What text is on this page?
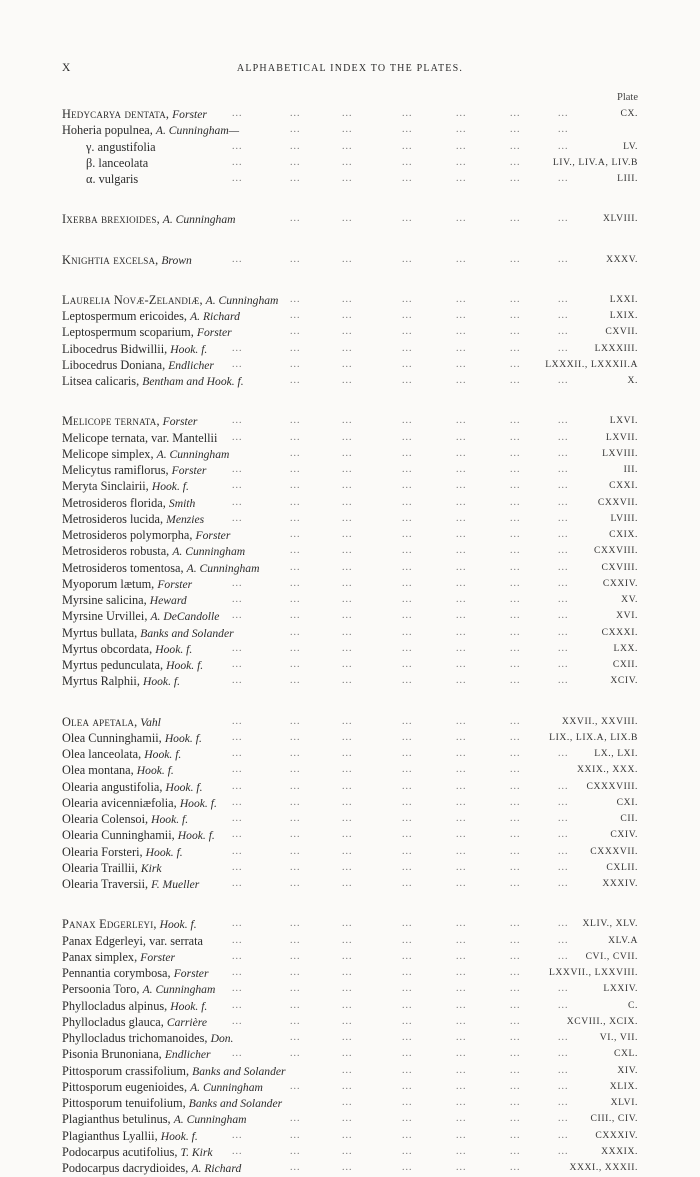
X	ALPHABETICAL INDEX TO THE PLATES.
Plate
...	...	...	...	...	...	...
Hedycarya dentata, Forster	CX.
...	...	...	...	...	...
Hoheria populnea, A. Cunningham—
...	...	...	...	...	...	...
γ. angustifolia	LV.
...	...	...	...	...	...
β. lanceolata	LIV., LIV.A, LIV.B
...	...	...	...	...	...	...
α. vulgaris	LIII.
...	...	...	...	...	...
Ixerba brexioides, A. Cunningham	XLVIII.
...	...	...	...	...	...	...
Knightia excelsa, Brown	XXXV.
...	...	...	...	...	...
Laurelia Novæ-Zelandiæ, A. Cunningham	LXXI.
...	...	...	...	...	...
Leptospermum ericoides, A. Richard	LXIX.
...	...	...	...	...	...
Leptospermum scoparium, Forster	CXVII.
...	...	...	...	...	...	...
Libocedrus Bidwillii, Hook. f.	LXXXIII.
...	...	...	...	...	...
Libocedrus Doniana, Endlicher	LXXXII., LXXXII.A
...	...	...	...	...	...
Litsea calicaris, Bentham and Hook. f.	X.
...	...	...	...	...	...	...
Melicope ternata, Forster	LXVI.
...	...	...	...	...	...	...
Melicope ternata, var. Mantellii	LXVII.
...	...	...	...	...	...
Melicope simplex, A. Cunningham	LXVIII.
...	...	...	...	...	...	...
Melicytus ramiflorus, Forster	III.
...	...	...	...	...	...	...
Meryta Sinclairii, Hook. f.	CXXI.
...	...	...	...	...	...	...
Metrosideros florida, Smith	CXXVII.
...	...	...	...	...	...	...
Metrosideros lucida, Menzies	LVIII.
...	...	...	...	...	...
Metrosideros polymorpha, Forster	CXIX.
...	...	...	...	...	...
Metrosideros robusta, A. Cunningham	CXXVIII.
...	...	...	...	...	...
Metrosideros tomentosa, A. Cunningham	CXVIII.
...	...	...	...	...	...	...
Myoporum lætum, Forster	CXXIV.
...	...	...	...	...	...	...
Myrsine salicina, Heward	XV.
...	...	...	...	...	...	...
Myrsine Urvillei, A. DeCandolle	XVI.
...	...	...	...	...	...
Myrtus bullata, Banks and Solander	CXXXI.
...	...	...	...	...	...	...
Myrtus obcordata, Hook. f.	LXX.
...	...	...	...	...	...	...
Myrtus pedunculata, Hook. f.	CXII.
...	...	...	...	...	...	...
Myrtus Ralphii, Hook. f.	XCIV.
...	...	...	...	...	...
Olea apetala, Vahl	XXVII., XXVIII.
...	...	...	...	...	...
Olea Cunninghamii, Hook. f.	LIX., LIX.A, LIX.B
...	...	...	...	...	...	...
Olea lanceolata, Hook. f.	LX., LXI.
...	...	...	...	...	...
Olea montana, Hook. f.	XXIX., XXX.
...	...	...	...	...	...	...
Olearia angustifolia, Hook. f.	CXXXVIII.
...	...	...	...	...	...	...
Olearia avicenniæfolia, Hook. f.	CXI.
...	...	...	...	...	...	...
Olearia Colensoi, Hook. f.	CII.
...	...	...	...	...	...	...
Olearia Cunninghamii, Hook. f.	CXIV.
...	...	...	...	...	...	...
Olearia Forsteri, Hook. f.	CXXXVII.
...	...	...	...	...	...	...
Olearia Traillii, Kirk	CXLII.
...	...	...	...	...	...	...
Olearia Traversii, F. Mueller	XXXIV.
...	...	...	...	...	...	...
Panax Edgerleyi, Hook. f.	XLIV., XLV.
...	...	...	...	...	...	...
Panax Edgerleyi, var. serrata	XLV.A
...	...	...	...	...	...	...
Panax simplex, Forster	CVI., CVII.
...	...	...	...	...	...
Pennantia corymbosa, Forster	LXXVII., LXXVIII.
...	...	...	...	...	...	...
Persoonia Toro, A. Cunningham	LXXIV.
...	...	...	...	...	...	...
Phyllocladus alpinus, Hook. f.	C.
...	...	...	...	...	...
Phyllocladus glauca, Carrière	XCVIII., XCIX.
...	...	...	...	...	...
Phyllocladus trichomanoides, Don.	VI., VII.
...	...	...	...	...	...	...
Pisonia Brunoniana, Endlicher	CXL.
...	...	...	...	...
Pittosporum crassifolium, Banks and Solander	XIV.
...	...	...	...	...	...
Pittosporum eugenioides, A. Cunningham	XLIX.
...	...	...	...	...
Pittosporum tenuifolium, Banks and Solander	XLVI.
...	...	...	...	...	...
Plagianthus betulinus, A. Cunningham	CIII., CIV.
...	...	...	...	...	...	...
Plagianthus Lyallii, Hook. f.	CXXXIV.
...	...	...	...	...	...	...
Podocarpus acutifolius, T. Kirk	XXXIX.
...	...	...	...	...
Podocarpus dacrydioides, A. Richard	XXXI., XXXII.
